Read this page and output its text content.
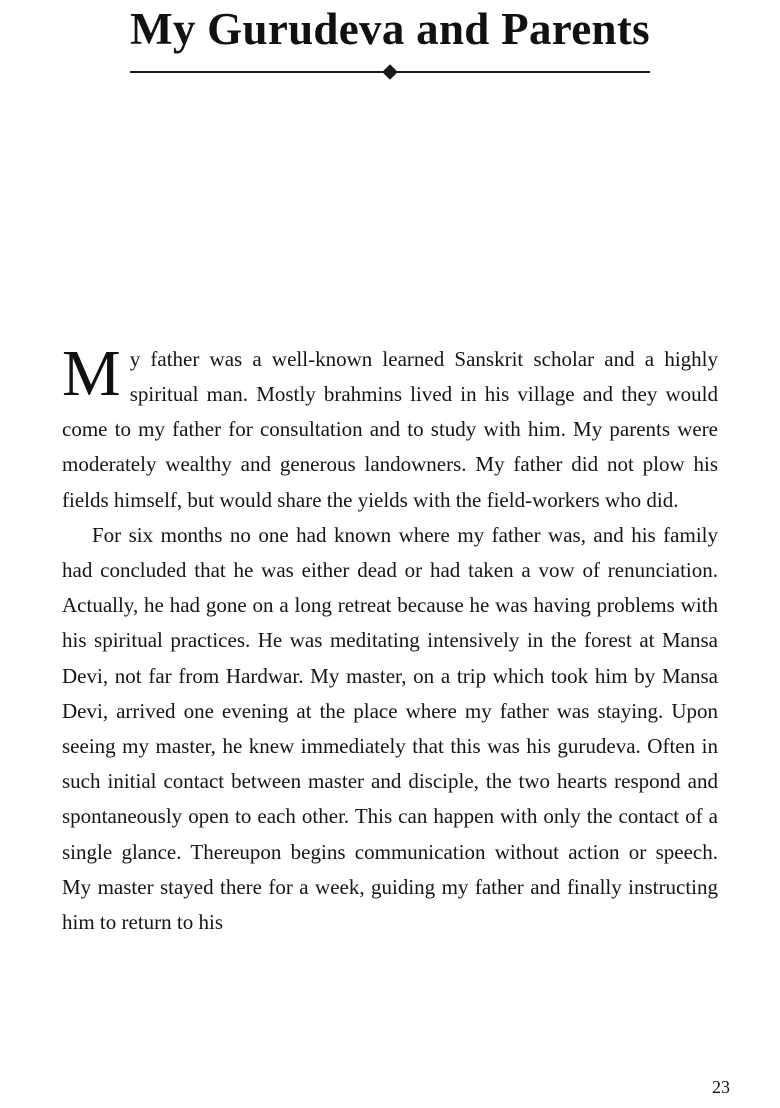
My Gurudeva and Parents

My father was a well-known learned Sanskrit scholar and a highly spiritual man. Mostly brahmins lived in his village and they would come to my father for consultation and to study with him. My parents were moderately wealthy and generous landowners. My father did not plow his fields himself, but would share the yields with the field-workers who did.

For six months no one had known where my father was, and his family had concluded that he was either dead or had taken a vow of renunciation. Actually, he had gone on a long retreat because he was having problems with his spiritual practices. He was meditating intensively in the forest at Mansa Devi, not far from Hardwar. My master, on a trip which took him by Mansa Devi, arrived one evening at the place where my father was staying. Upon seeing my master, he knew immediately that this was his gurudeva. Often in such initial contact between master and disciple, the two hearts respond and spontaneously open to each other. This can happen with only the contact of a single glance. Thereupon begins communication without action or speech. My master stayed there for a week, guiding my father and finally instructing him to return to his

23
